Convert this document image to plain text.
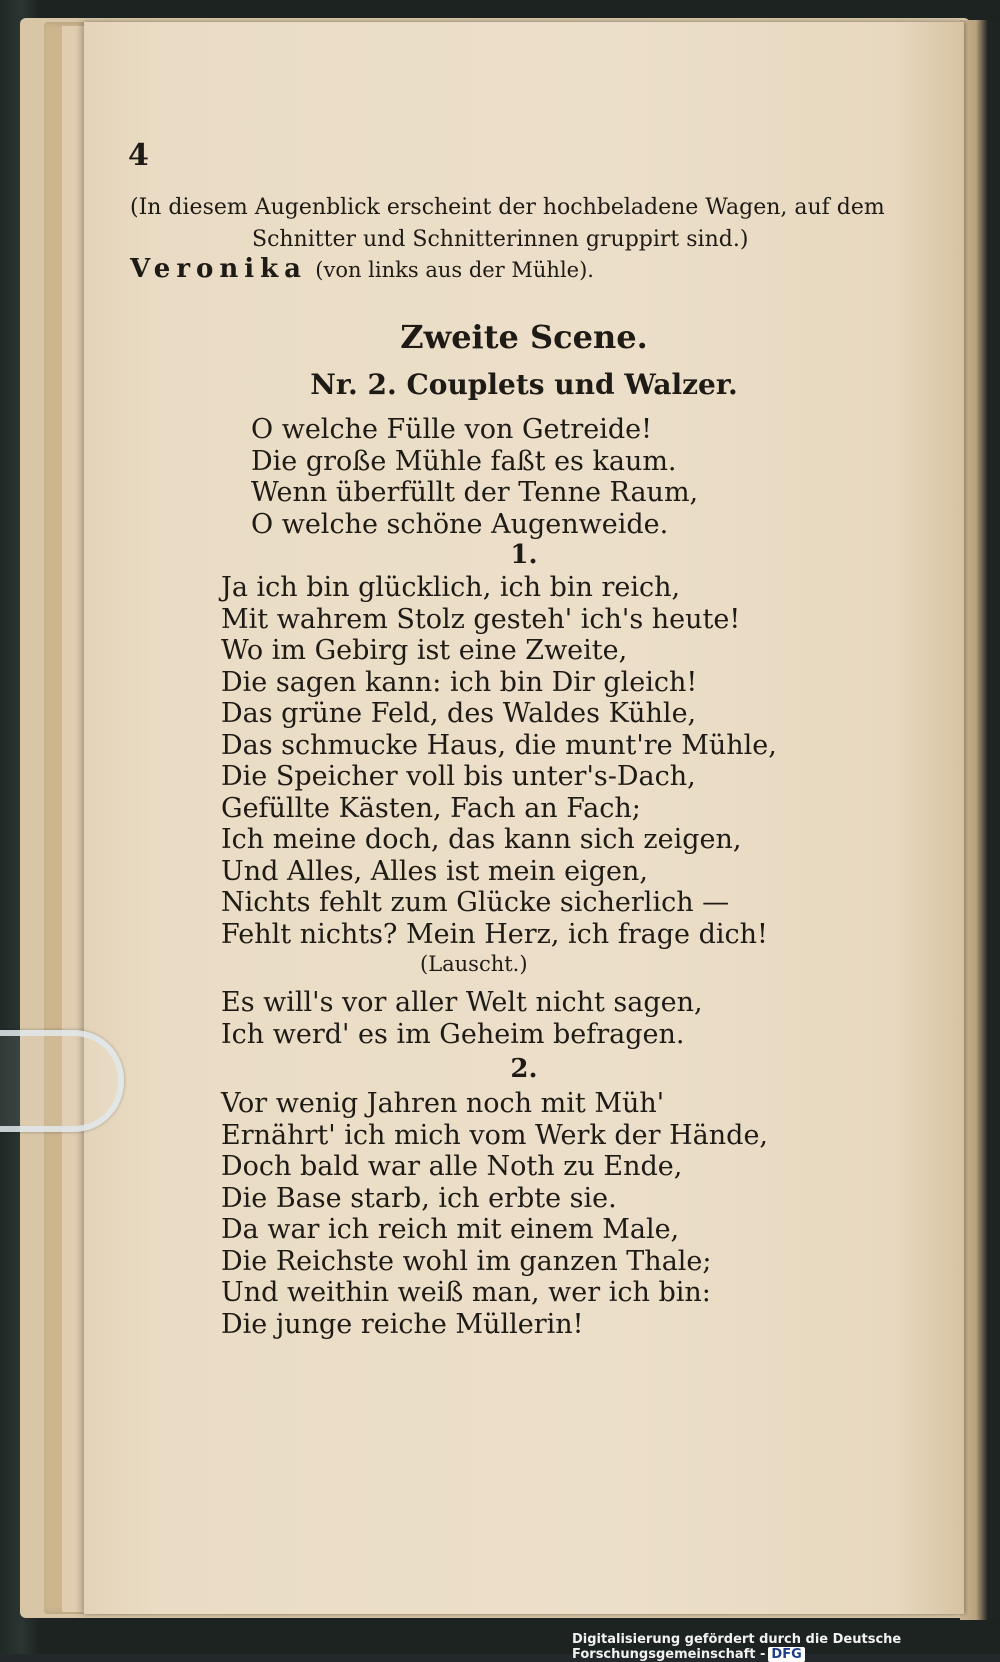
4
(In diesem Augenblick erscheint der hochbeladene Wagen, auf dem
Schnitter und Schnitterinnen gruppirt sind.)
Veronika (von links aus der Mühle).
Zweite Scene.
Nr. 2. Couplets und Walzer.
O welche Fülle von Getreide!
Die große Mühle faßt es kaum.
Wenn überfüllt der Tenne Raum,
O welche schöne Augenweide.
1.
Ja ich bin glücklich, ich bin reich,
Mit wahrem Stolz gesteh' ich's heute!
Wo im Gebirg ist eine Zweite,
Die sagen kann: ich bin Dir gleich!
Das grüne Feld, des Waldes Kühle,
Das schmucke Haus, die munt're Mühle,
Die Speicher voll bis unter's-Dach,
Gefüllte Kästen, Fach an Fach;
Ich meine doch, das kann sich zeigen,
Und Alles, Alles ist mein eigen,
Nichts fehlt zum Glücke sicherlich —
Fehlt nichts? Mein Herz, ich frage dich!
(Lauscht.)
Es will's vor aller Welt nicht sagen,
Ich werd' es im Geheim befragen.
2.
Vor wenig Jahren noch mit Müh'
Ernährt' ich mich vom Werk der Hände,
Doch bald war alle Noth zu Ende,
Die Base starb, ich erbte sie.
Da war ich reich mit einem Male,
Die Reichste wohl im ganzen Thale;
Und weithin weiß man, wer ich bin:
Die junge reiche Müllerin!
Digitalisierung gefördert durch die Deutsche Forschungsgemeinschaft - DFG
